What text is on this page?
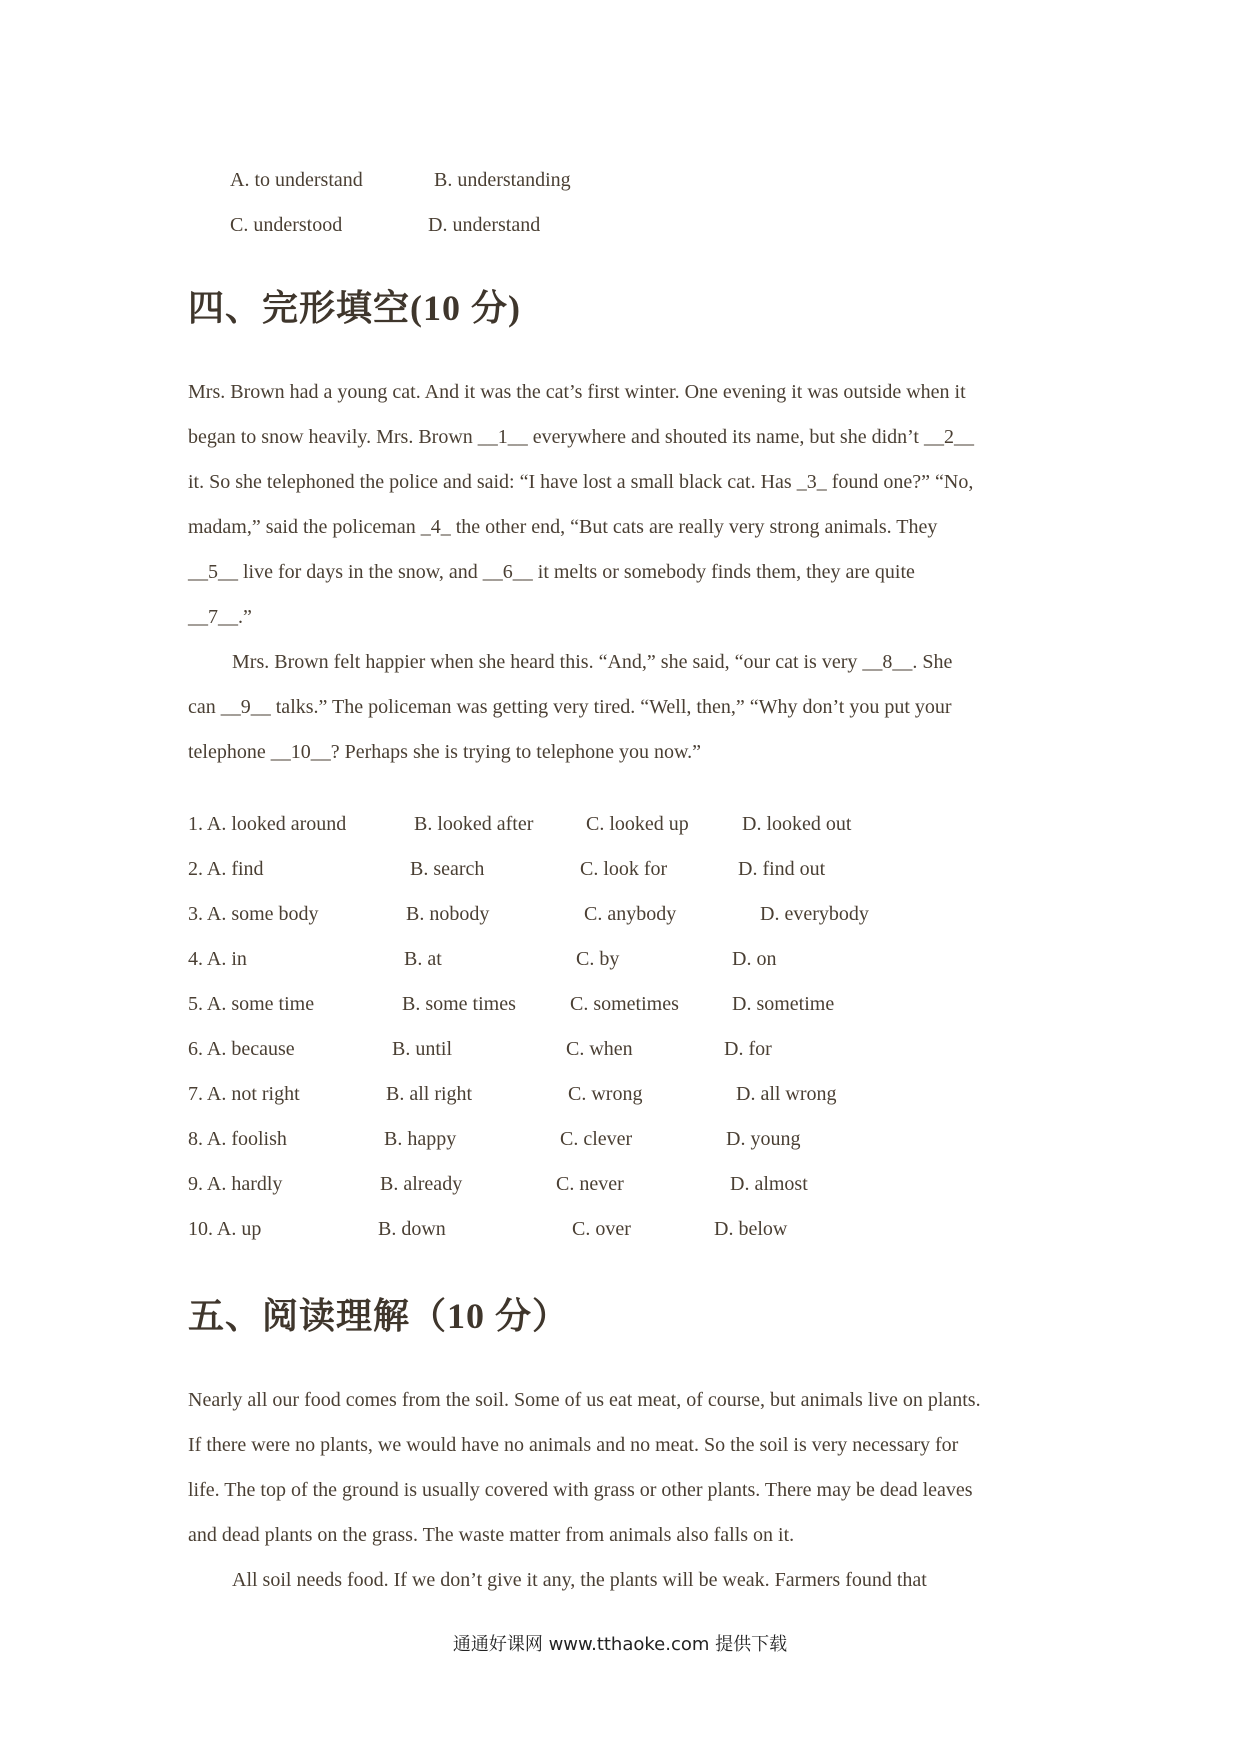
A. to understand	B. understanding
C. understood	D. understand
四、完形填空(10 分)
Mrs. Brown had a young cat. And it was the cat’s first winter. One evening it was outside when it
began to snow heavily. Mrs. Brown __1__ everywhere and shouted its name, but she didn’t __2__
it. So she telephoned the police and said: “I have lost a small black cat. Has _3_ found one?” “No,
madam,” said the policeman _4_ the other end, “But cats are really very strong animals. They
__5__ live for days in the snow, and __6__ it melts or somebody finds them, they are quite
__7__.”
Mrs. Brown felt happier when she heard this. “And,” she said, “our cat is very __8__. She
can __9__ talks.” The policeman was getting very tired. “Well, then,” “Why don’t you put your
telephone __10__? Perhaps she is trying to telephone you now.”
1. A. looked around	B. looked after	C. looked up	D. looked out
2. A. find	B. search	C. look for	D. find out
3. A. some body	B. nobody	C. anybody	D. everybody
4. A. in	B. at	C. by	D. on
5. A. some time	B. some times	C. sometimes	D. sometime
6. A. because	B. until	C. when	D. for
7. A. not right	B. all right	C. wrong	D. all wrong
8. A. foolish	B. happy	C. clever	D. young
9. A. hardly	B. already	C. never	D. almost
10. A. up	B. down	C. over	D. below
五、阅读理解（10 分）
Nearly all our food comes from the soil. Some of us eat meat, of course, but animals live on plants.
If there were no plants, we would have no animals and no meat. So the soil is very necessary for
life. The top of the ground is usually covered with grass or other plants. There may be dead leaves
and dead plants on the grass. The waste matter from animals also falls on it.
All soil needs food. If we don’t give it any, the plants will be weak. Farmers found that
通通好课网 www.tthaoke.com 提供下载
